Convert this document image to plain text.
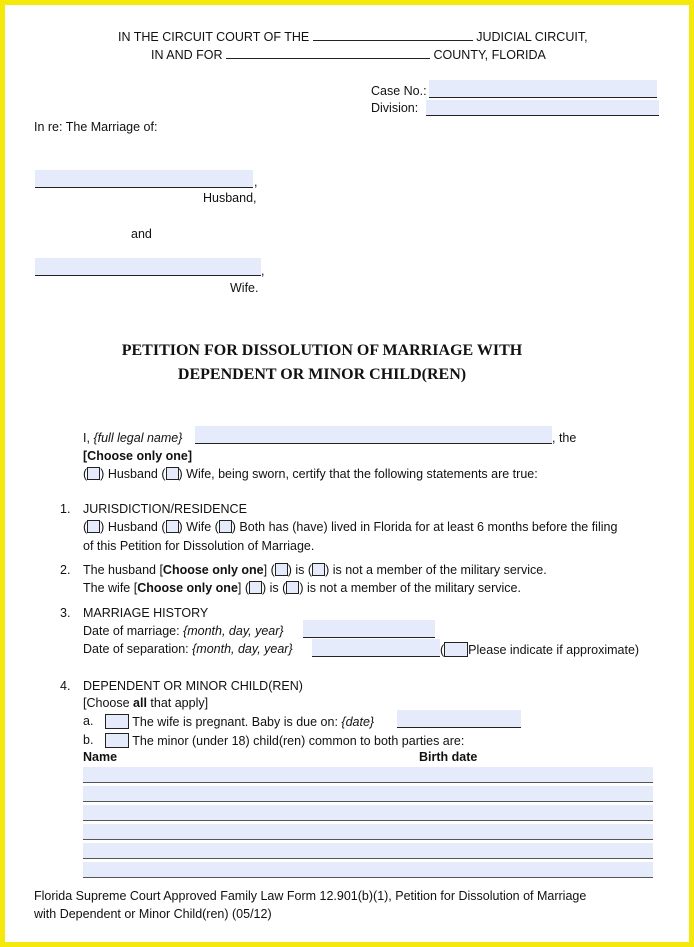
IN THE CIRCUIT COURT OF THE	JUDICIAL CIRCUIT,
IN AND FOR	COUNTY, FLORIDA
Case No.:
Division:
In re: The Marriage of:
,
Husband,
and
,
Wife.
PETITION FOR DISSOLUTION OF MARRIAGE WITH
DEPENDENT OR MINOR CHILD(REN)
I, {full legal name}	, the
[Choose only one]
( ) Husband ( ) Wife, being sworn, certify that the following statements are true:
1. JURISDICTION/RESIDENCE
( ) Husband ( ) Wife ( ) Both has (have) lived in Florida for at least 6 months before the filing
of this Petition for Dissolution of Marriage.
2. The husband [Choose only one] ( ) is ( ) is not a member of the military service.
The wife [Choose only one] ( ) is ( ) is not a member of the military service.
3. MARRIAGE HISTORY
Date of marriage: {month, day, year}
Date of separation: {month, day, year}	( Please indicate if approximate)
4. DEPENDENT OR MINOR CHILD(REN)
[Choose all that apply]
a.	The wife is pregnant. Baby is due on: {date}
b.	The minor (under 18) child(ren) common to both parties are:
Name	Birth date
Florida Supreme Court Approved Family Law Form 12.901(b)(1), Petition for Dissolution of Marriage
with Dependent or Minor Child(ren) (05/12)
